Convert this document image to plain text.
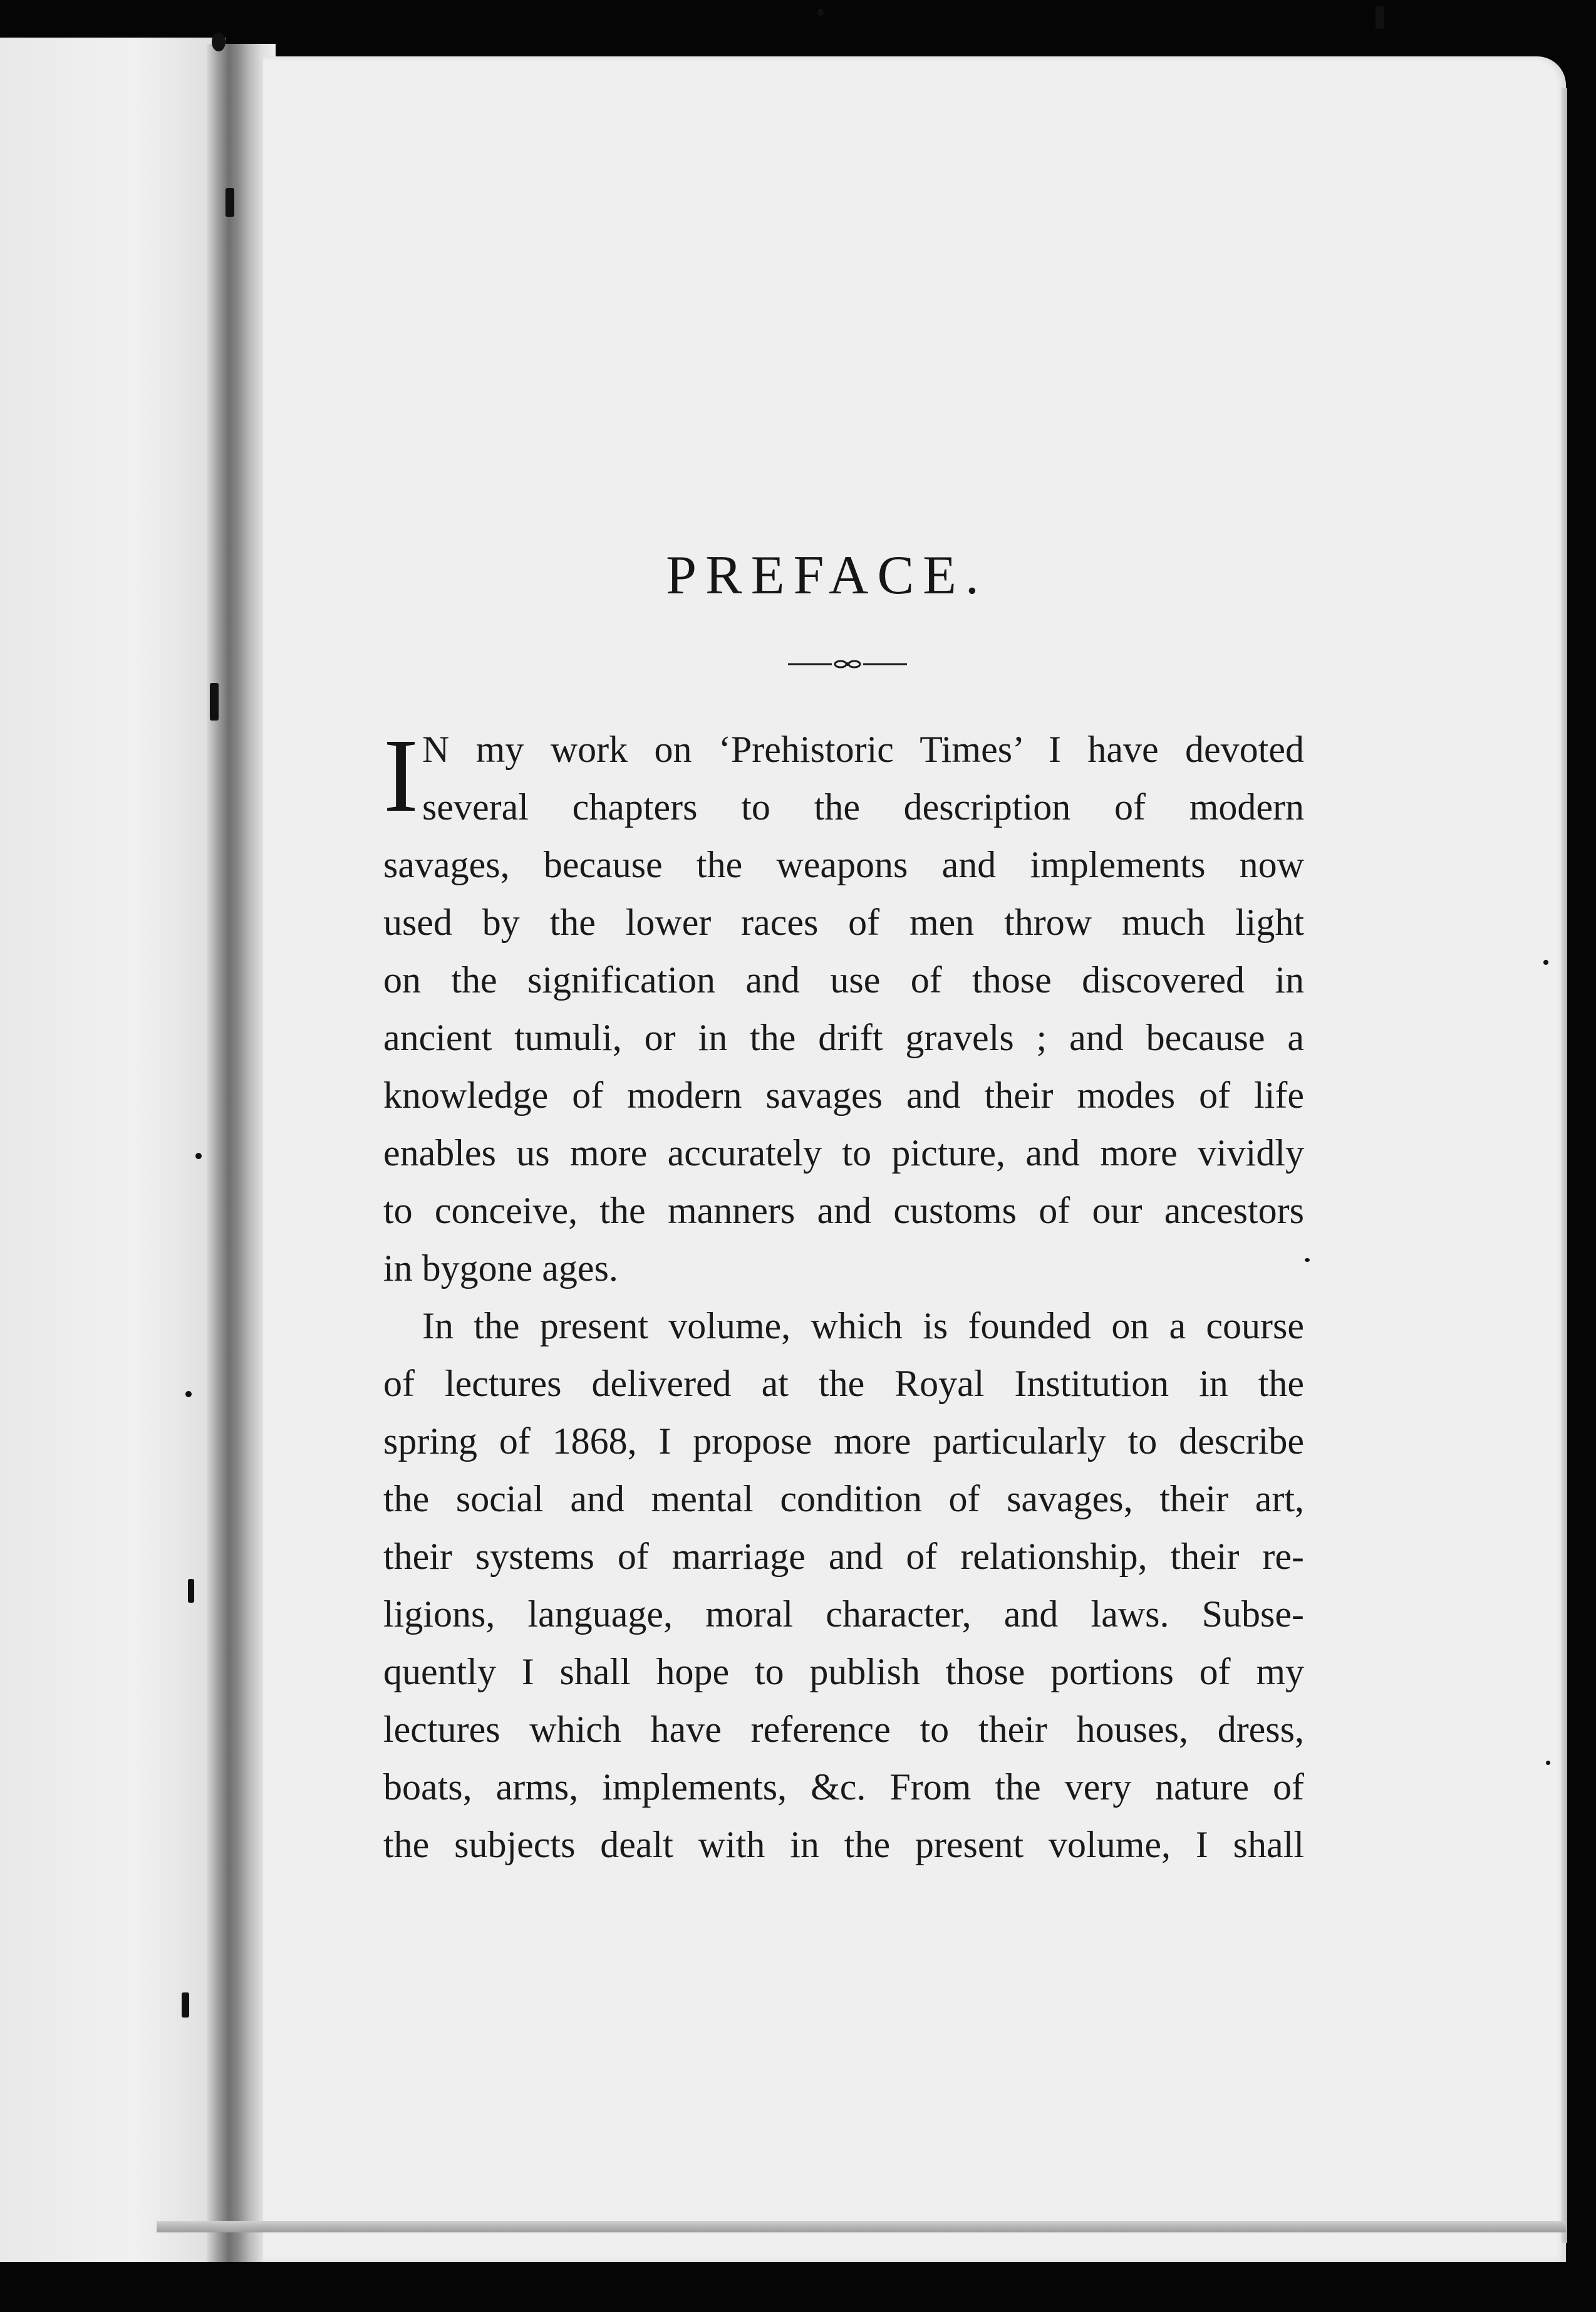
PREFACE.
I N my work on ‘Prehistoric Times’ I have devoted
several chapters to the description of modern
savages, because the weapons and implements now
used by the lower races of men throw much light
on the signification and use of those discovered in
ancient tumuli, or in the drift gravels ; and because a
knowledge of modern savages and their modes of life
enables us more accurately to picture, and more vividly
to conceive, the manners and customs of our ancestors
in bygone ages.
In the present volume, which is founded on a course
of lectures delivered at the Royal Institution in the
spring of 1868, I propose more particularly to describe
the social and mental condition of savages, their art,
their systems of marriage and of relationship, their re-
ligions, language, moral character, and laws. Subse-
quently I shall hope to publish those portions of my
lectures which have reference to their houses, dress,
boats, arms, implements, &c. From the very nature of
the subjects dealt with in the present volume, I shall
